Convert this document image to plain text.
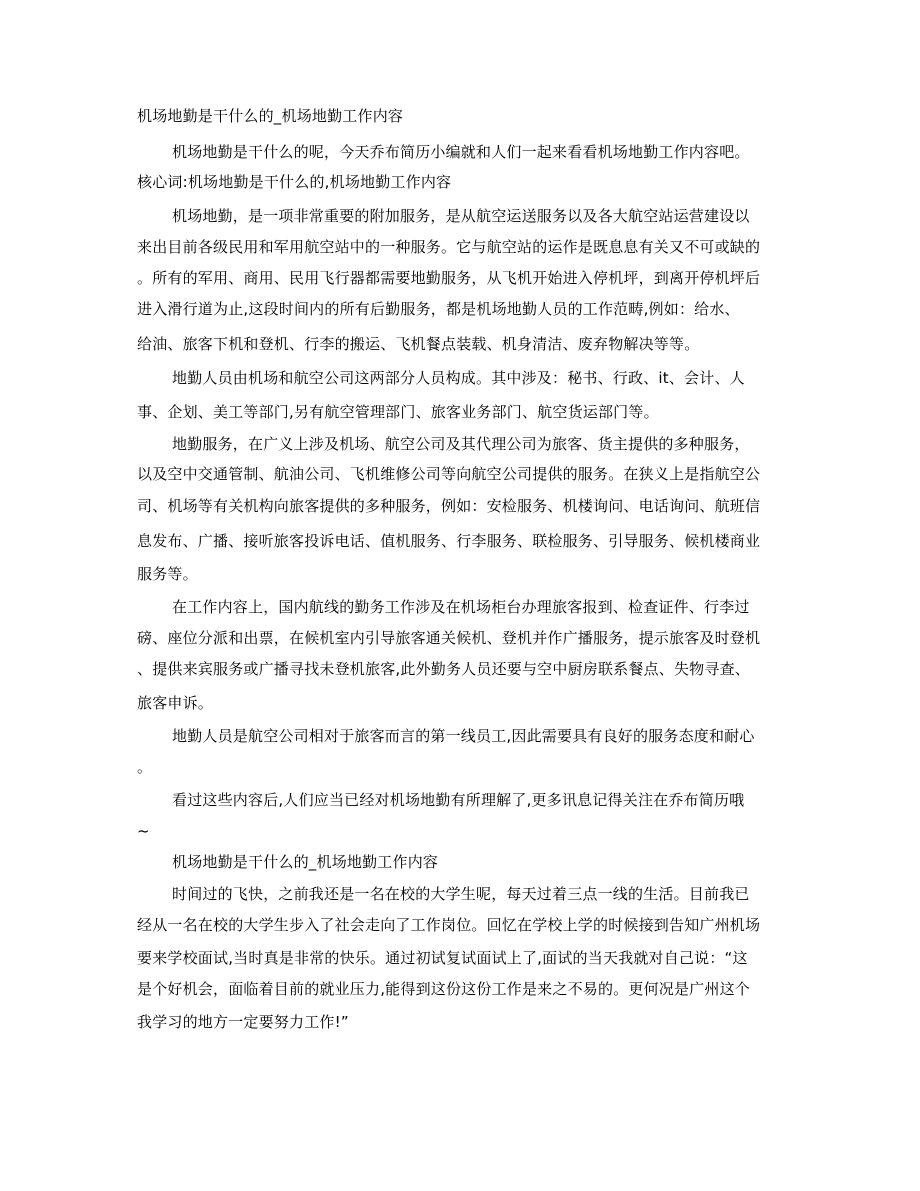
机场地勤是干什么的_机场地勤工作内容
机场地勤是干什么的呢，今天乔布简历小编就和人们一起来看看机场地勤工作内容吧。
核心词:机场地勤是干什么的,机场地勤工作内容
机场地勤，是一项非常重要的附加服务，是从航空运送服务以及各大航空站运营建设以
来出目前各级民用和军用航空站中的一种服务。它与航空站的运作是既息息有关又不可或缺的
。所有的军用、商用、民用飞行器都需要地勤服务，从飞机开始进入停机坪，到离开停机坪后
进入滑行道为止,这段时间内的所有后勤服务，都是机场地勤人员的工作范畴,例如：给水、
给油、旅客下机和登机、行李的搬运、飞机餐点装载、机身清洁、废弃物解决等等。
地勤人员由机场和航空公司这两部分人员构成。其中涉及：秘书、行政、it、会计、人
事、企划、美工等部门,另有航空管理部门、旅客业务部门、航空货运部门等。
地勤服务，在广义上涉及机场、航空公司及其代理公司为旅客、货主提供的多种服务，
以及空中交通管制、航油公司、飞机维修公司等向航空公司提供的服务。在狭义上是指航空公
司、机场等有关机构向旅客提供的多种服务，例如：安检服务、机楼询问、电话询问、航班信
息发布、广播、接听旅客投诉电话、值机服务、行李服务、联检服务、引导服务、候机楼商业
服务等。
在工作内容上，国内航线的勤务工作涉及在机场柜台办理旅客报到、检查证件、行李过
磅、座位分派和出票，在候机室内引导旅客通关候机、登机并作广播服务，提示旅客及时登机
、提供来宾服务或广播寻找未登机旅客,此外勤务人员还要与空中厨房联系餐点、失物寻查、
旅客申诉。
地勤人员是航空公司相对于旅客而言的第一线员工,因此需要具有良好的服务态度和耐心
。
看过这些内容后,人们应当已经对机场地勤有所理解了,更多讯息记得关注在乔布简历哦
~
机场地勤是干什么的_机场地勤工作内容
时间过的飞快，之前我还是一名在校的大学生呢，每天过着三点一线的生活。目前我已
经从一名在校的大学生步入了社会走向了工作岗位。回忆在学校上学的时候接到告知广州机场
要来学校面试,当时真是非常的快乐。通过初试复试面试上了,面试的当天我就对自己说：“这
是个好机会，面临着目前的就业压力,能得到这份这份工作是来之不易的。更何况是广州这个
我学习的地方一定要努力工作!”
